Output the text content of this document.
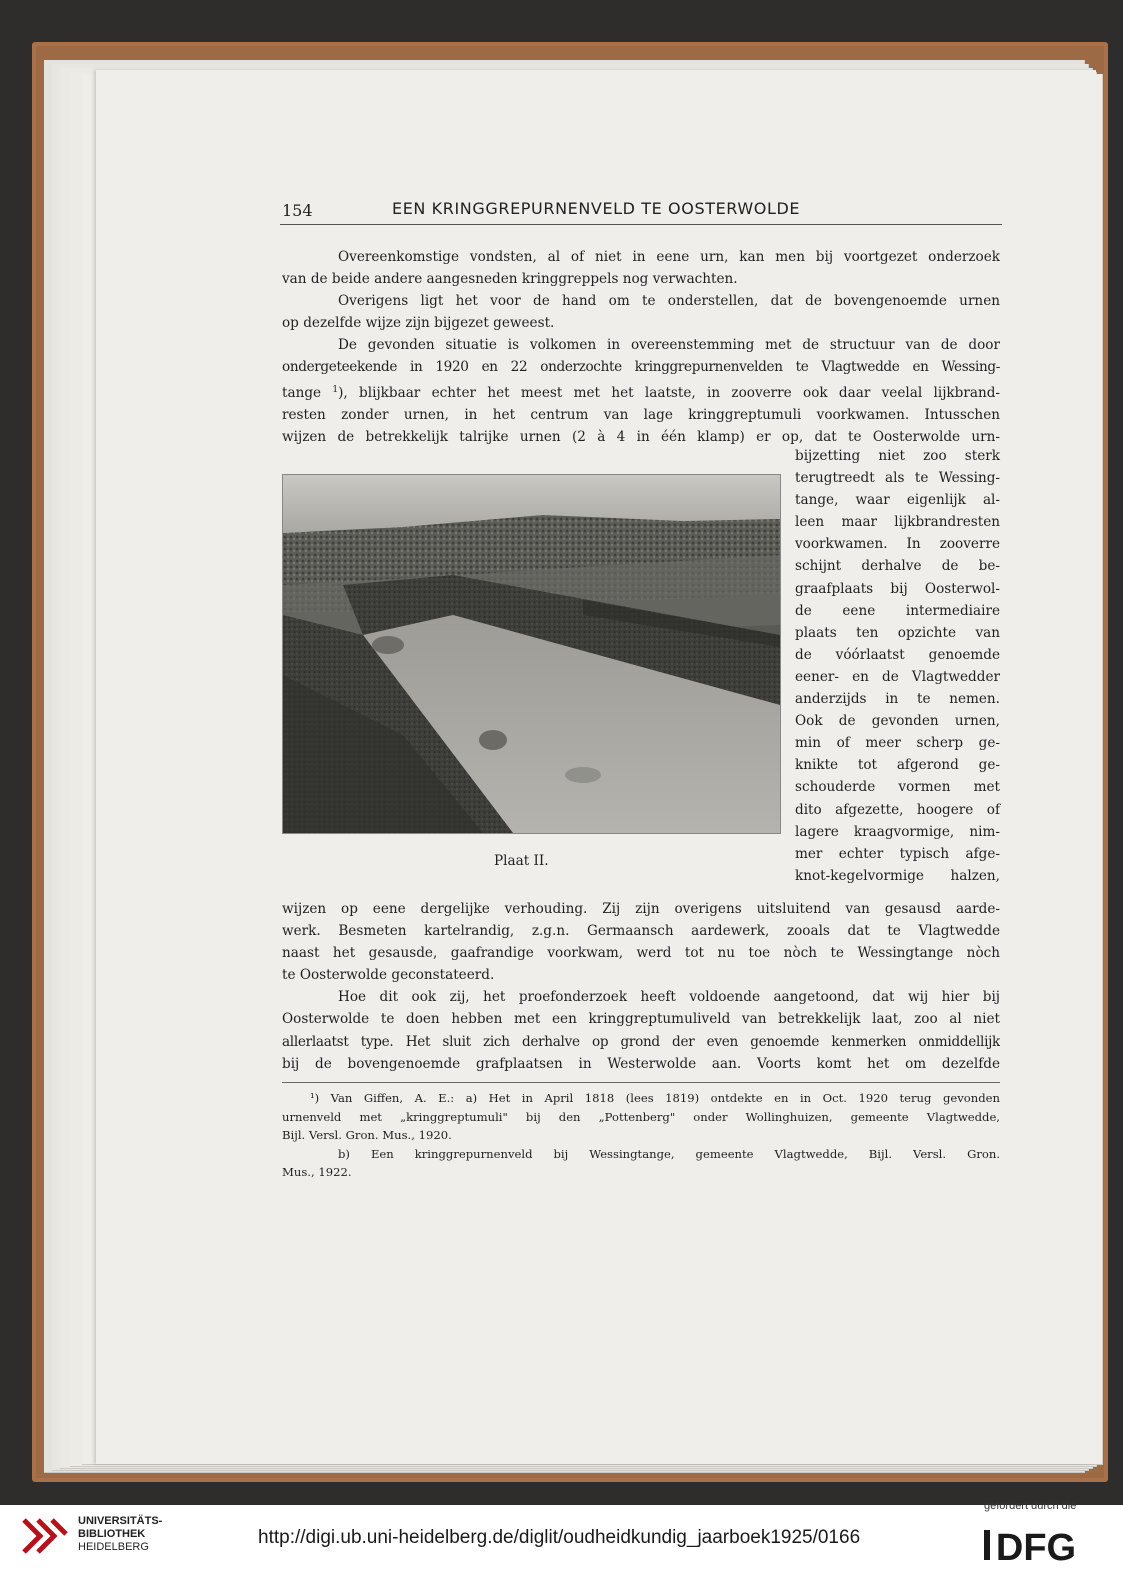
154	EEN KRINGGREPURNENVELD TE OOSTERWOLDE
Overeenkomstige vondsten, al of niet in eene urn, kan men bij voortgezet onderzoek
van de beide andere aangesneden kringgreppels nog verwachten.
Overigens ligt het voor de hand om te onderstellen, dat de bovengenoemde urnen
op dezelfde wijze zijn bijgezet geweest.
De gevonden situatie is volkomen in overeenstemming met de structuur van de door
ondergeteekende in 1920 en 22 onderzochte kringgrepurnenvelden te Vlagtwedde en Wessing-
tange $^1$), blijkbaar echter het meest met het laatste, in zooverre ook daar veelal lijkbrand-
resten zonder urnen, in het centrum van lage kringgreptumuli voorkwamen. Intusschen
wijzen de betrekkelijk talrijke urnen (2 à 4 in één klamp) er op, dat te Oosterwolde urn-
bijzetting niet zoo sterk
terugtreedt als te Wessing-
tange, waar eigenlijk al-
leen maar lijkbrandresten
voorkwamen. In zooverre
schijnt derhalve de be-
graafplaats bij Oosterwol-
de eene intermediaire
plaats ten opzichte van
de vóórlaatst genoemde
eener- en de Vlagtwedder
anderzijds in te nemen.
Ook de gevonden urnen,
min of meer scherp ge-
knikte tot afgerond ge-
schouderde vormen met
dito afgezette, hoogere of
lagere kraagvormige, nim-
mer echter typisch afge-
knot-kegelvormige halzen,
Plaat II.
wijzen op eene dergelijke verhouding. Zij zijn overigens uitsluitend van gesausd aarde-
werk. Besmeten kartelrandig, z.g.n. Germaansch aardewerk, zooals dat te Vlagtwedde
naast het gesausde, gaafrandige voorkwam, werd tot nu toe nòch te Wessingtange nòch
te Oosterwolde geconstateerd.
Hoe dit ook zij, het proefonderzoek heeft voldoende aangetoond, dat wij hier bij
Oosterwolde te doen hebben met een kringgreptumuliveld van betrekkelijk laat, zoo al niet
allerlaatst type. Het sluit zich derhalve op grond der even genoemde kenmerken onmiddellijk
bij de bovengenoemde grafplaatsen in Westerwolde aan. Voorts komt het om dezelfde
¹) Van Giffen, A. E.: a) Het in April 1818 (lees 1819) ontdekte en in Oct. 1920 terug gevonden
urnenveld met „kringgreptumuli" bij den „Pottenberg" onder Wollinghuizen, gemeente Vlagtwedde,
Bijl. Versl. Gron. Mus., 1920.
b) Een kringgrepurnenveld bij Wessingtange, gemeente Vlagtwedde, Bijl. Versl. Gron.
Mus., 1922.
UNIVERSITÄTS-
BIBLIOTHEK
HEIDELBERG	http://digi.ub.uni-heidelberg.de/diglit/oudheidkundig_jaarboek1925/0166
gefördert durch die
DFG
